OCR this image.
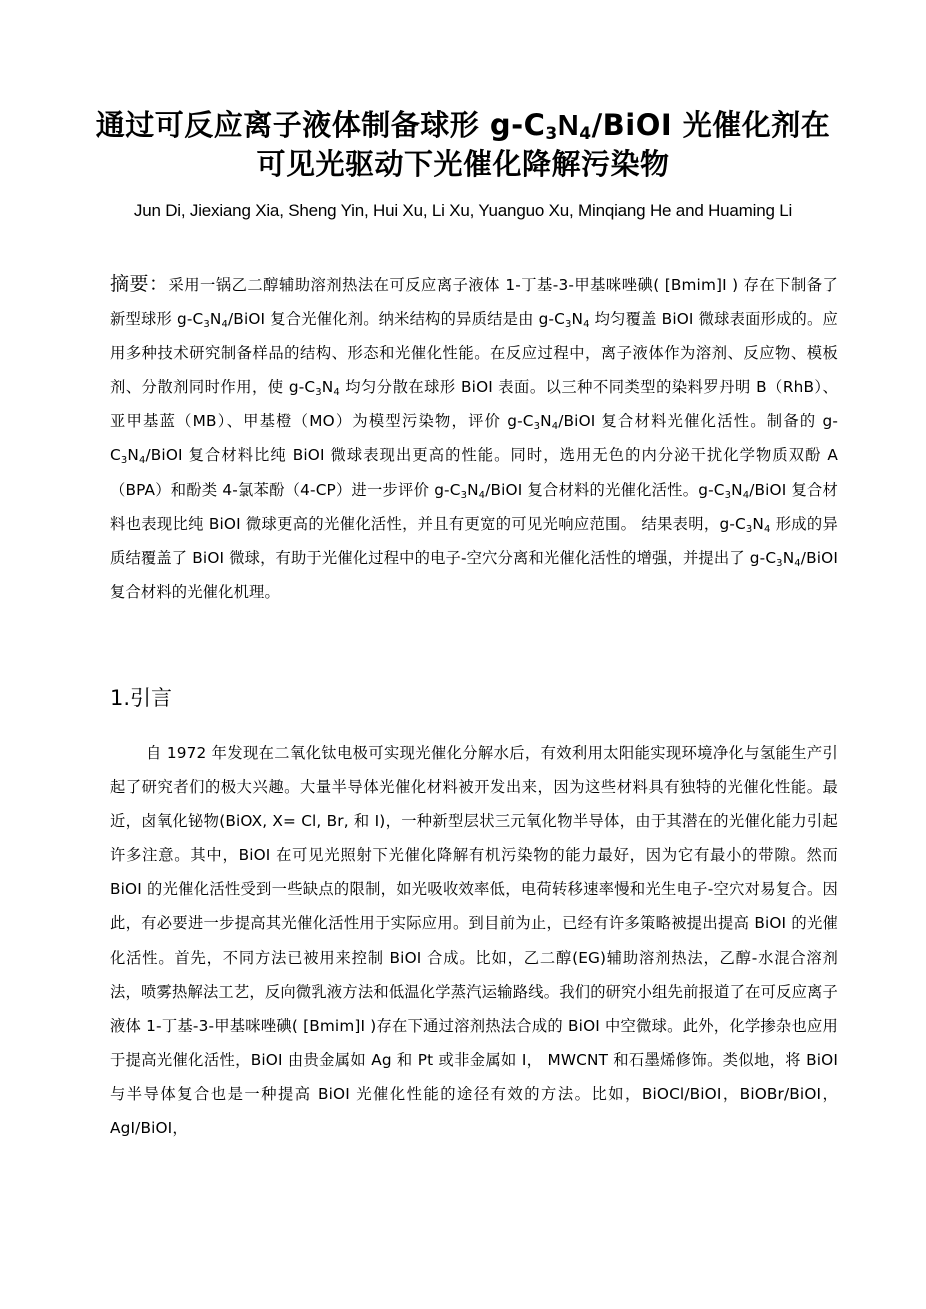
通过可反应离子液体制备球形 $g-C_3N_4$/BiOI 光催化剂在可见光驱动下光催化降解污染物
Jun Di, Jiexiang Xia, Sheng Yin, Hui Xu, Li Xu, Yuanguo Xu, Minqiang He and Huaming Li
摘要：采用一锅乙二醇辅助溶剂热法在可反应离子液体 1-丁基-3-甲基咪唑碘( [Bmim]I ) 存在下制备了新型球形 $g-C_3N_4$/BiOI 复合光催化剂。纳米结构的异质结是由 $g-C_3N_4$ 均匀覆盖 BiOI 微球表面形成的。应用多种技术研究制备样品的结构、形态和光催化性能。在反应过程中，离子液体作为溶剂、反应物、模板剂、分散剂同时作用，使 $g-C_3N_4$ 均匀分散在球形 BiOI 表面。以三种不同类型的染料罗丹明 B（RhB）、亚甲基蓝（MB）、甲基橙（MO）为模型污染物，评价 $g-C_3N_4$/BiOI 复合材料光催化活性。制备的 $g-C_3N_4$/BiOI 复合材料比纯 BiOI 微球表现出更高的性能。同时，选用无色的内分泌干扰化学物质双酚 A（BPA）和酚类 4-氯苯酚（4-CP）进一步评价 $g-C_3N_4$/BiOI 复合材料的光催化活性。$g-C_3N_4$/BiOI 复合材料也表现比纯 BiOI 微球更高的光催化活性，并且有更宽的可见光响应范围。 结果表明，$g-C_3N_4$ 形成的异质结覆盖了 BiOI 微球，有助于光催化过程中的电子-空穴分离和光催化活性的增强，并提出了 $g-C_3N_4$/BiOI 复合材料的光催化机理。
1.引言

自 1972 年发现在二氧化钛电极可实现光催化分解水后，有效利用太阳能实现环境净化与氢能生产引起了研究者们的极大兴趣。大量半导体光催化材料被开发出来，因为这些材料具有独特的光催化性能。最近，卤氧化铋物(BiOX, X= Cl, Br, 和 I)，一种新型层状三元氧化物半导体，由于其潜在的光催化能力引起许多注意。其中，BiOI 在可见光照射下光催化降解有机污染物的能力最好，因为它有最小的带隙。然而 BiOI 的光催化活性受到一些缺点的限制，如光吸收效率低，电荷转移速率慢和光生电子-空穴对易复合。因此，有必要进一步提高其光催化活性用于实际应用。到目前为止，已经有许多策略被提出提高 BiOI 的光催化活性。首先，不同方法已被用来控制 BiOI 合成。比如，乙二醇(EG)辅助溶剂热法，乙醇-水混合溶剂法，喷雾热解法工艺，反向微乳液方法和低温化学蒸汽运输路线。我们的研究小组先前报道了在可反应离子液体 1-丁基-3-甲基咪唑碘( [Bmim]I )存在下通过溶剂热法合成的 BiOI 中空微球。此外，化学掺杂也应用于提高光催化活性，BiOI 由贵金属如 Ag 和 Pt 或非金属如 I， MWCNT 和石墨烯修饰。类似地，将 BiOI 与半导体复合也是一种提高 BiOI 光催化性能的途径有效的方法。比如，BiOCl/BiOI，BiOBr/BiOI，AgI/BiOI，
